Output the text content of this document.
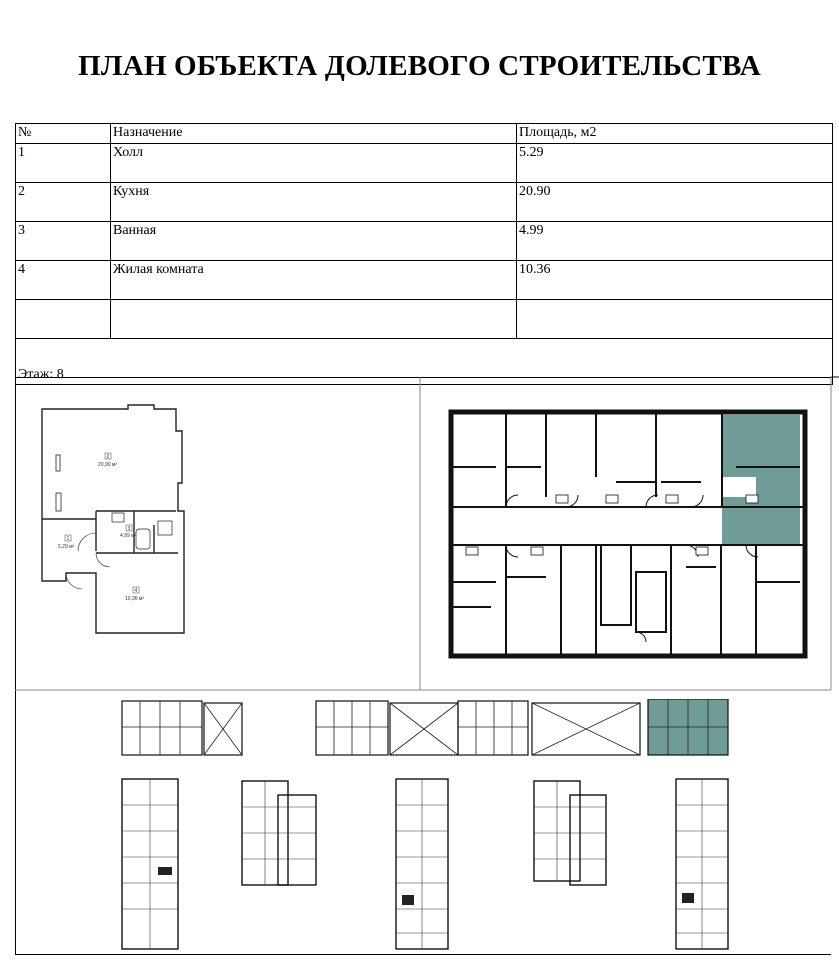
ПЛАН ОБЪЕКТА ДОЛЕВОГО СТРОИТЕЛЬСТВА
№	Назначение	Площадь, м2
1	Холл	5.29
2	Кухня	20.90
3	Ванная	4.99
4	Жилая комната	10.36

Этаж: 8		
2
20,90 м²
3
4,99 м²
1
5,29 м²
4
10,36 м²
